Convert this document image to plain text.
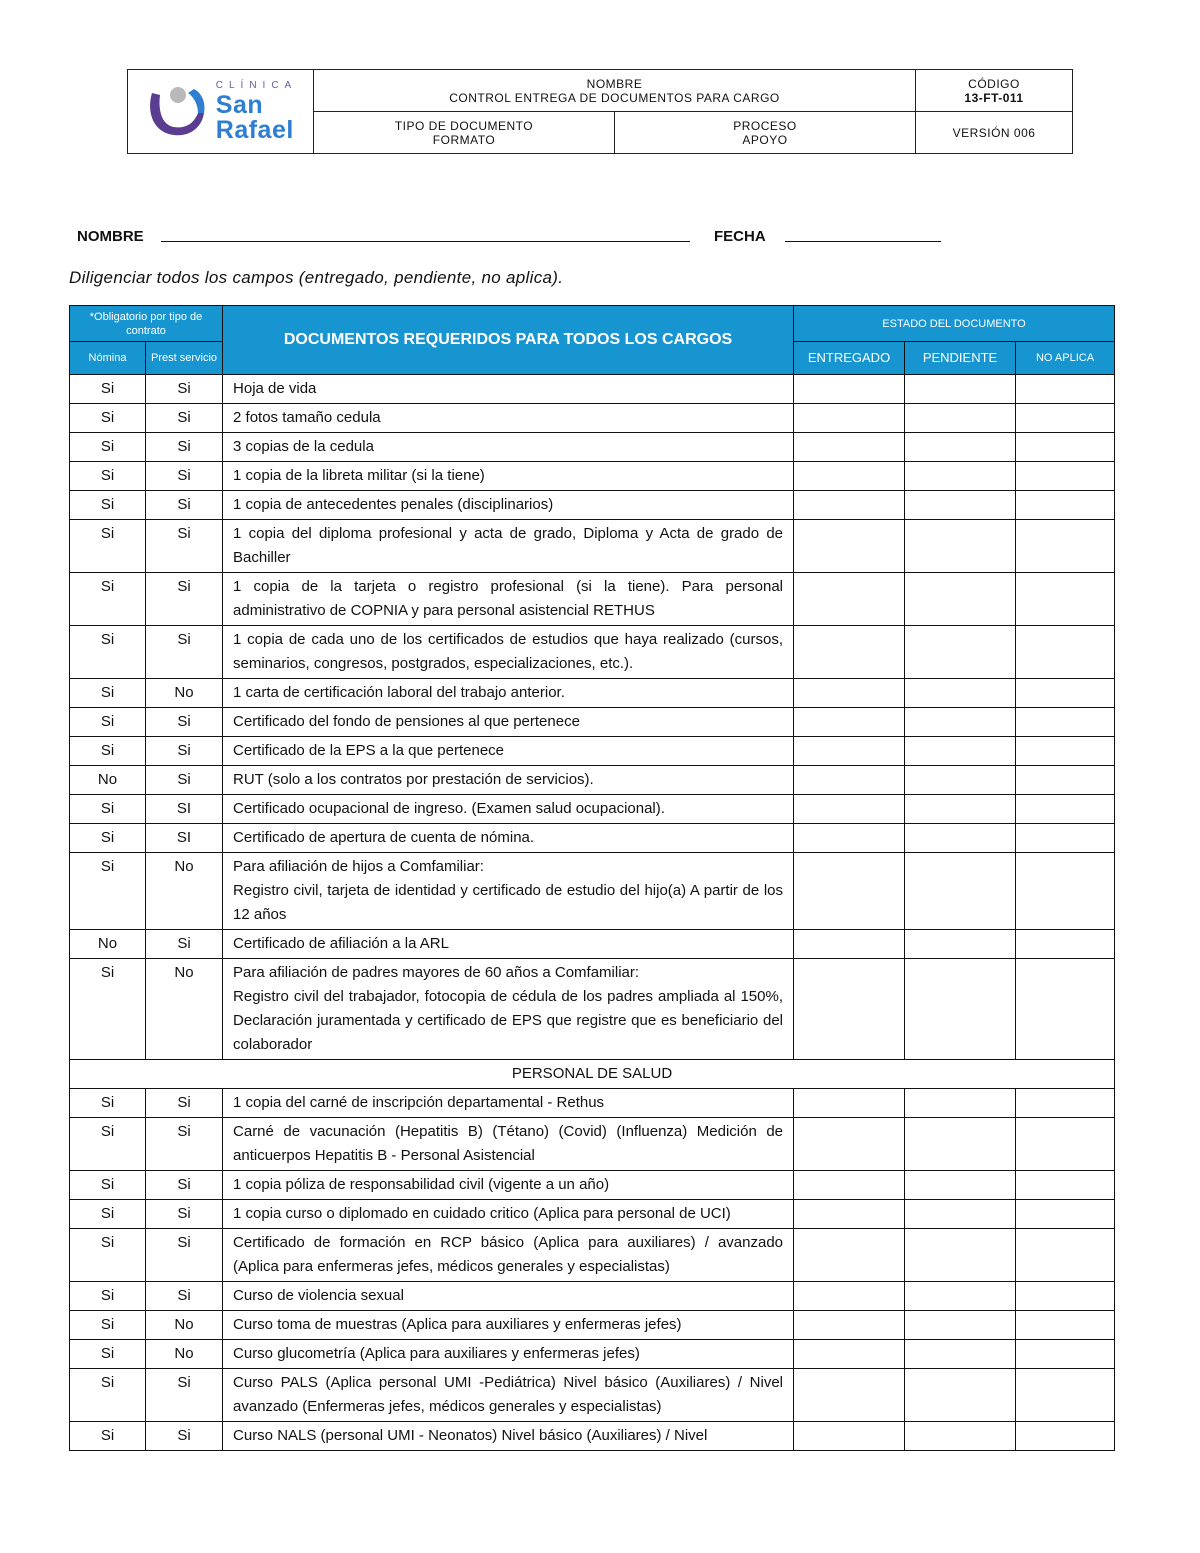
CLÍNICA
San
Rafael
NOMBRE
CONTROL ENTREGA DE DOCUMENTOS PARA CARGO
CÓDIGO
13-FT-011
TIPO DE DOCUMENTO
FORMATO
PROCESO
APOYO	VERSIÓN 006
NOMBRE	FECHA
Diligenciar todos los campos (entregado, pendiente, no aplica).
*Obligatorio por tipo de contrato		DOCUMENTOS REQUERIDOS PARA TODOS LOS CARGOS	ESTADO DEL DOCUMENTO		
Nómina	Prest servicio		ENTREGADO	PENDIENTE	NO APLICA
Si	Si	Hoja de vida			

Si	Si	2 fotos tamaño cedula			

Si	Si	3 copias de la cedula			

Si	Si	1 copia de la libreta militar (si la tiene)			

Si	Si	1 copia de antecedentes penales (disciplinarios)			

Si	Si	1 copia del diploma profesional y acta de grado, Diploma y Acta de grado de Bachiller			

Si	Si	1 copia de la tarjeta o registro profesional (si la tiene). Para personal administrativo de COPNIA y para personal asistencial RETHUS			

Si	Si	1 copia de cada uno de los certificados de estudios que haya realizado (cursos, seminarios, congresos, postgrados, especializaciones, etc.).			

Si	No	1 carta de certificación laboral del trabajo anterior.			

Si	Si	Certificado del fondo de pensiones al que pertenece			

Si	Si	Certificado de la EPS a la que pertenece			

No	Si	RUT (solo a los contratos por prestación de servicios).			

Si	SI	Certificado ocupacional de ingreso. (Examen salud ocupacional).			

Si	SI	Certificado de apertura de cuenta de nómina.			

Si	No	Para afiliación de hijos a Comfamiliar:
Registro civil, tarjeta de identidad y certificado de estudio del hijo(a) A partir de los 12 años			

No	Si	Certificado de afiliación a la ARL			

Si	No	Para afiliación de padres mayores de 60 años a Comfamiliar:
Registro civil del trabajador, fotocopia de cédula de los padres ampliada al 150%, Declaración juramentada y certificado de EPS que registre que es beneficiario del colaborador			

PERSONAL DE SALUD					
Si	Si	1 copia del carné de inscripción departamental - Rethus			

Si	Si	Carné de vacunación (Hepatitis B) (Tétano) (Covid) (Influenza) Medición de anticuerpos Hepatitis B - Personal Asistencial			

Si	Si	1 copia póliza de responsabilidad civil (vigente a un año)			

Si	Si	1 copia curso o diplomado en cuidado critico (Aplica para personal de UCI)			

Si	Si	Certificado de formación en RCP básico (Aplica para auxiliares) / avanzado (Aplica para enfermeras jefes, médicos generales y especialistas)			

Si	Si	Curso de violencia sexual			

Si	No	Curso toma de muestras (Aplica para auxiliares y enfermeras jefes)			

Si	No	Curso glucometría (Aplica para auxiliares y enfermeras jefes)			

Si	Si	Curso PALS (Aplica personal UMI -Pediátrica) Nivel básico (Auxiliares) / Nivel avanzado (Enfermeras jefes, médicos generales y especialistas)			

Si	Si	Curso NALS (personal UMI - Neonatos) Nivel básico (Auxiliares) / Nivel			
